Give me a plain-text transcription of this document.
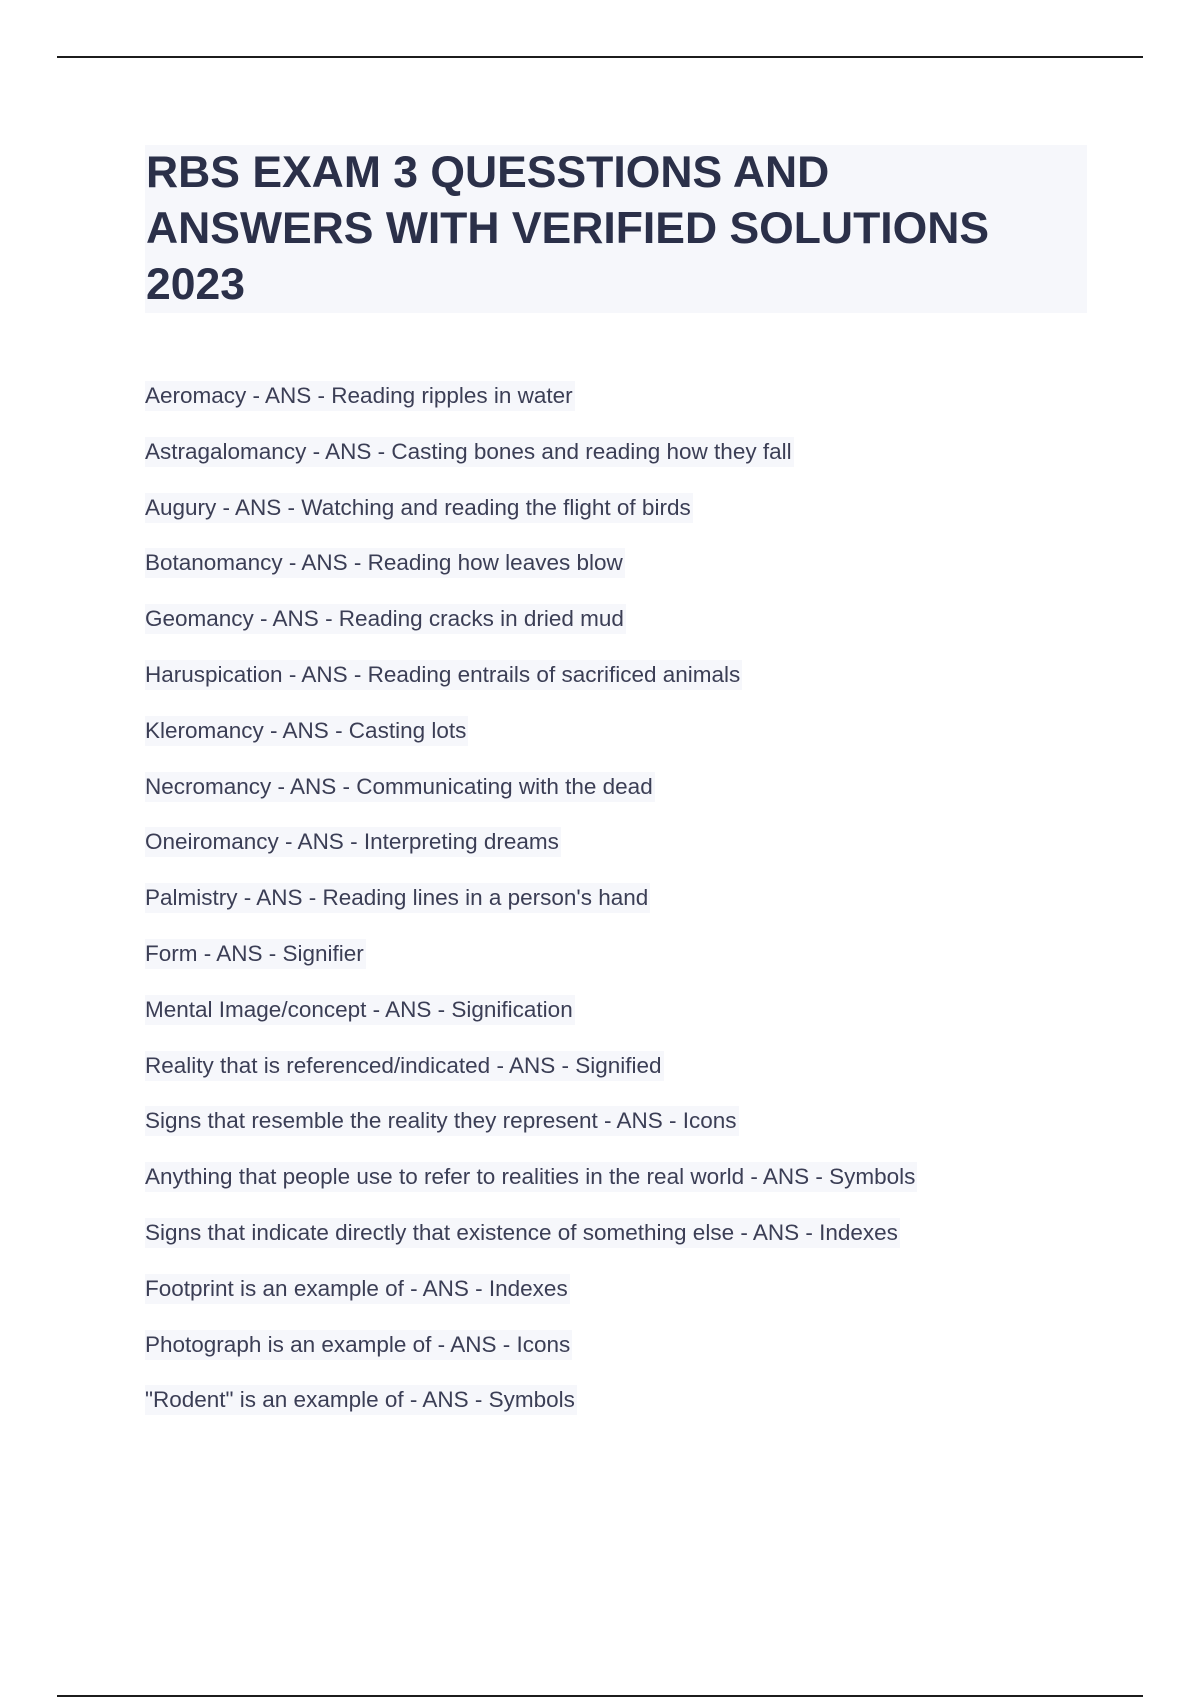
RBS EXAM 3 QUESSTIONS AND
ANSWERS WITH VERIFIED SOLUTIONS
2023
Aeromacy - ANS - Reading ripples in water
Astragalomancy - ANS - Casting bones and reading how they fall
Augury - ANS - Watching and reading the flight of birds
Botanomancy - ANS - Reading how leaves blow
Geomancy - ANS - Reading cracks in dried mud
Haruspication - ANS - Reading entrails of sacrificed animals
Kleromancy - ANS - Casting lots
Necromancy - ANS - Communicating with the dead
Oneiromancy - ANS - Interpreting dreams
Palmistry - ANS - Reading lines in a person's hand
Form - ANS - Signifier
Mental Image/concept - ANS - Signification
Reality that is referenced/indicated - ANS - Signified
Signs that resemble the reality they represent - ANS - Icons
Anything that people use to refer to realities in the real world - ANS - Symbols
Signs that indicate directly that existence of something else - ANS - Indexes
Footprint is an example of - ANS - Indexes
Photograph is an example of - ANS - Icons
"Rodent" is an example of - ANS - Symbols
